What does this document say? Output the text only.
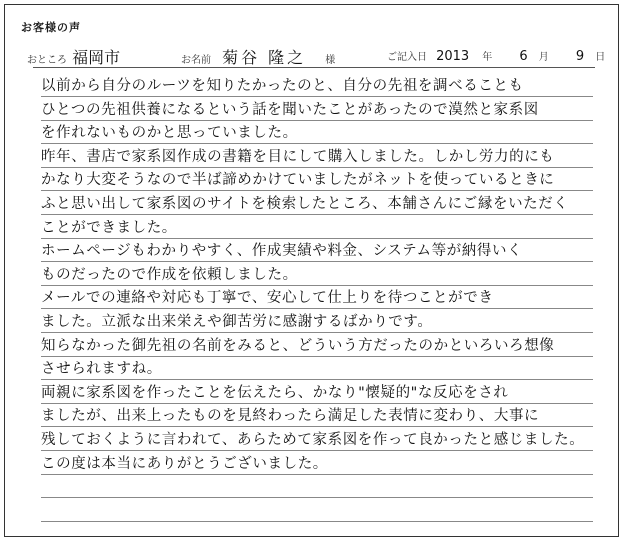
お客様の声
おところ 福岡市	お名前 菊谷 隆之 様	ご記入日 2013 年 6 月 9 日
以前から自分のルーツを知りたかったのと、自分の先祖を調べることも
ひとつの先祖供養になるという話を聞いたことがあったので漠然と家系図
を作れないものかと思っていました。
昨年、書店で家系図作成の書籍を目にして購入しました。しかし労力的にも
かなり大変そうなので半ば諦めかけていましたがネットを使っているときに
ふと思い出して家系図のサイトを検索したところ、本舗さんにご縁をいただく
ことができました。
ホームページもわかりやすく、作成実績や料金、システム等が納得いく
ものだったので作成を依頼しました。
メールでの連絡や対応も丁寧で、安心して仕上りを待つことができ
ました。立派な出来栄えや御苦労に感謝するばかりです。
知らなかった御先祖の名前をみると、どういう方だったのかといろいろ想像
させられますね。
両親に家系図を作ったことを伝えたら、かなり"懐疑的"な反応をされ
ましたが、出来上ったものを見終わったら満足した表情に変わり、大事に
残しておくように言われて、あらためて家系図を作って良かったと感じました。
この度は本当にありがとうございました。
